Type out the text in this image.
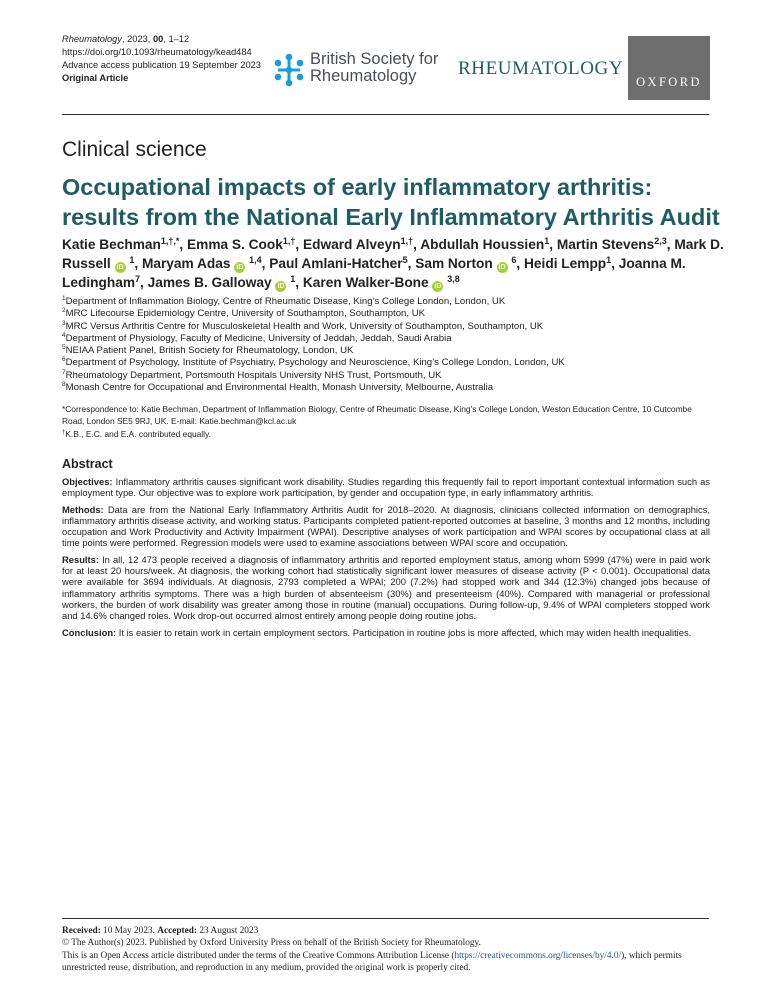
Rheumatology, 2023, 00, 1–12
https://doi.org/10.1093/rheumatology/kead484
Advance access publication 19 September 2023
Original Article
British Society for
Rheumatology	RHEUMATOLOGY
OXFORD
Clinical science
Occupational impacts of early inflammatory arthritis: results from the National Early Inflammatory Arthritis Audit
Katie Bechman$^{1,\dagger,*}$, Emma S. Cook$^{1,\dagger}$, Edward Alveyn$^{1,\dagger}$, Abdullah Houssien$^1$, Martin Stevens$^{2,3}$, Mark D. Russell iD $^1$, Maryam Adas iD $^{1,4}$, Paul Amlani-Hatcher$^5$, Sam Norton iD $^6$, Heidi Lempp$^1$, Joanna M. Ledingham$^7$, James B. Galloway iD $^1$, Karen Walker-Bone iD $^{3,8}$
$^1$Department of Inflammation Biology, Centre of Rheumatic Disease, King’s College London, London, UK
$^2$MRC Lifecourse Epidemiology Centre, University of Southampton, Southampton, UK
$^3$MRC Versus Arthritis Centre for Musculoskeletal Health and Work, University of Southampton, Southampton, UK
$^4$Department of Physiology, Faculty of Medicine, University of Jeddah, Jeddah, Saudi Arabia
$^5$NEIAA Patient Panel, British Society for Rheumatology, London, UK
$^6$Department of Psychology, Institute of Psychiatry, Psychology and Neuroscience, King’s College London, London, UK
$^7$Rheumatology Department, Portsmouth Hospitals University NHS Trust, Portsmouth, UK
$^8$Monash Centre for Occupational and Environmental Health, Monash University, Melbourne, Australia
*Correspondence to: Katie Bechman, Department of Inflammation Biology, Centre of Rheumatic Disease, King’s College London, Weston Education Centre, 10 Cutcombe Road, London SE5 9RJ, UK. E-mail: Katie.bechman@kcl.ac.uk
†K.B., E.C. and E.A. contributed equally.
Abstract

Objectives: Inflammatory arthritis causes significant work disability. Studies regarding this frequently fail to report important contextual information such as employment type. Our objective was to explore work participation, by gender and occupation type, in early inflammatory arthritis.

Methods: Data are from the National Early Inflammatory Arthritis Audit for 2018–2020. At diagnosis, clinicians collected information on demographics, inflammatory arthritis disease activity, and working status. Participants completed patient-reported outcomes at baseline, 3 months and 12 months, including occupation and Work Productivity and Activity Impairment (WPAI). Descriptive analyses of work participation and WPAI scores by occupational class at all time points were performed. Regression models were used to examine associations between WPAI score and occupation.

Results: In all, 12 473 people received a diagnosis of inflammatory arthritis and reported employment status, among whom 5999 (47%) were in paid work for at least 20 hours/week. At diagnosis, the working cohort had statistically significant lower measures of disease activity (P < 0.001). Occupational data were available for 3694 individuals. At diagnosis, 2793 completed a WPAI; 200 (7.2%) had stopped work and 344 (12.3%) changed jobs because of inflammatory arthritis symptoms. There was a high burden of absenteeism (30%) and presenteeism (40%). Compared with managerial or professional workers, the burden of work disability was greater among those in routine (manual) occupations. During follow-up, 9.4% of WPAI completers stopped work and 14.6% changed roles. Work drop-out occurred almost entirely among people doing routine jobs.

Conclusion: It is easier to retain work in certain employment sectors. Participation in routine jobs is more affected, which may widen health inequalities.

Received: 10 May 2023. Accepted: 23 August 2023
© The Author(s) 2023. Published by Oxford University Press on behalf of the British Society for Rheumatology.
This is an Open Access article distributed under the terms of the Creative Commons Attribution License (https://creativecommons.org/licenses/by/4.0/), which permits unrestricted reuse, distribution, and reproduction in any medium, provided the original work is properly cited.
